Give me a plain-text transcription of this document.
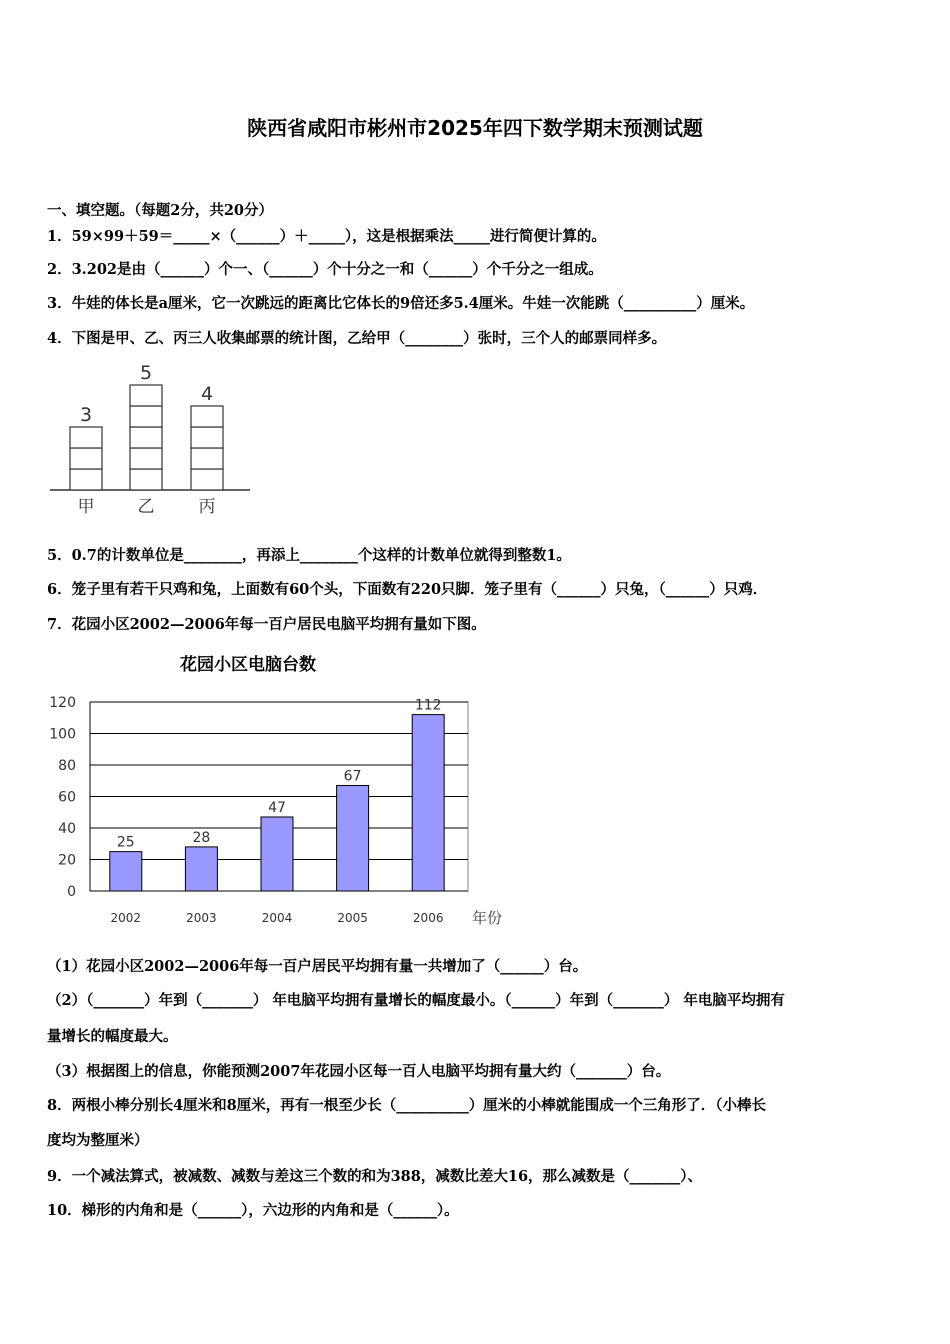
陕西省咸阳市彬州市2025年四下数学期末预测试题
一、填空题。（每题2分，共20分）
1．59×99＋59＝_____×（______）＋_____），这是根据乘法_____进行简便计算的。
2．3.202是由（______）个一、（______）个十分之一和（______）个千分之一组成。
3．牛娃的体长是a厘米，它一次跳远的距离比它体长的9倍还多5.4厘米。牛娃一次能跳（__________）厘米。
4．下图是甲、乙、丙三人收集邮票的统计图，乙给甲（________）张时，三个人的邮票同样多。
3
甲
5
乙
4
丙
5．0.7的计数单位是________，再添上________个这样的计数单位就得到整数1。
6．笼子里有若干只鸡和兔，上面数有60个头，下面数有220只脚．笼子里有（______）只兔，（______）只鸡．
7．花园小区2002—2006年每一百户居民电脑平均拥有量如下图。
花园小区电脑台数
0
20
40
60
80
100
120
25
2002
28
2003
47
2004
67
2005
112
2006 年份
（1）花园小区2002—2006年每一百户居民平均拥有量一共增加了（______）台。
（2）（_______）年到（_______） 年电脑平均拥有量增长的幅度最小。（______）年到（_______） 年电脑平均拥有
量增长的幅度最大。
（3）根据图上的信息，你能预测2007年花园小区每一百人电脑平均拥有量大约（_______）台。
8．两根小棒分别长4厘米和8厘米，再有一根至少长（__________）厘米的小棒就能围成一个三角形了．（小棒长
度均为整厘米）
9．一个减法算式，被减数、减数与差这三个数的和为388，减数比差大16，那么减数是（_______）、
10．梯形的内角和是（______），六边形的内角和是（______）。
